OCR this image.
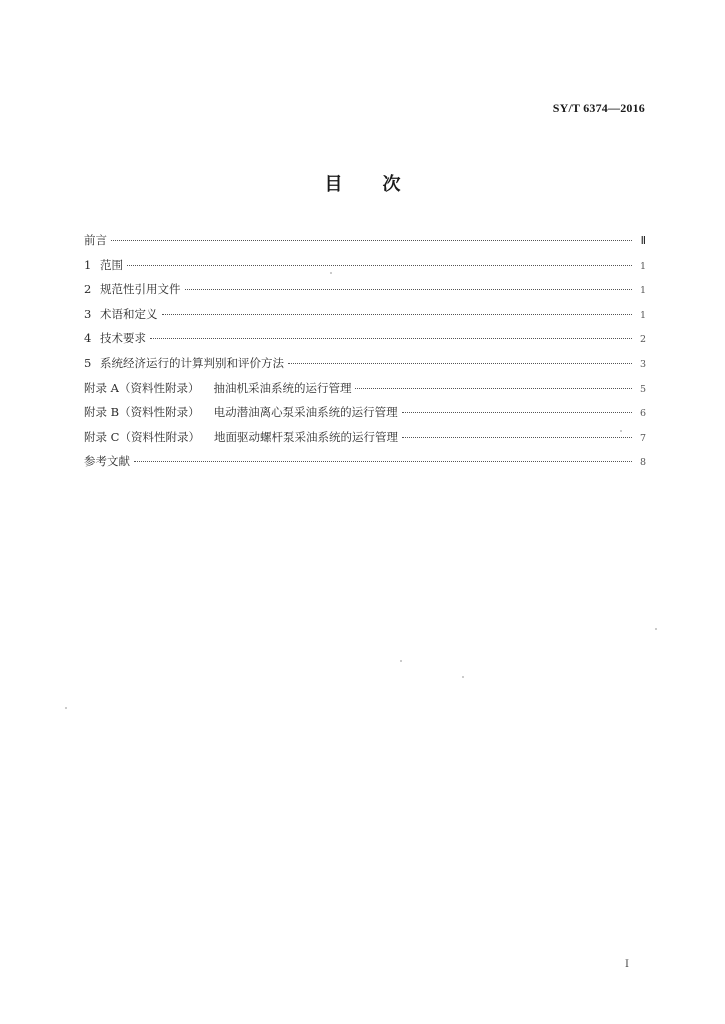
SY/T 6374—2016
目 次
前言	Ⅱ
1 范围	1
2 规范性引用文件	1
3 术语和定义	1
4 技术要求	2
5 系统经济运行的计算判别和评价方法	3
附录 A（资料性附录） 抽油机采油系统的运行管理	5
附录 B（资料性附录） 电动潜油离心泵采油系统的运行管理	6
附录 C（资料性附录） 地面驱动螺杆泵采油系统的运行管理	7
参考文献	8
I
